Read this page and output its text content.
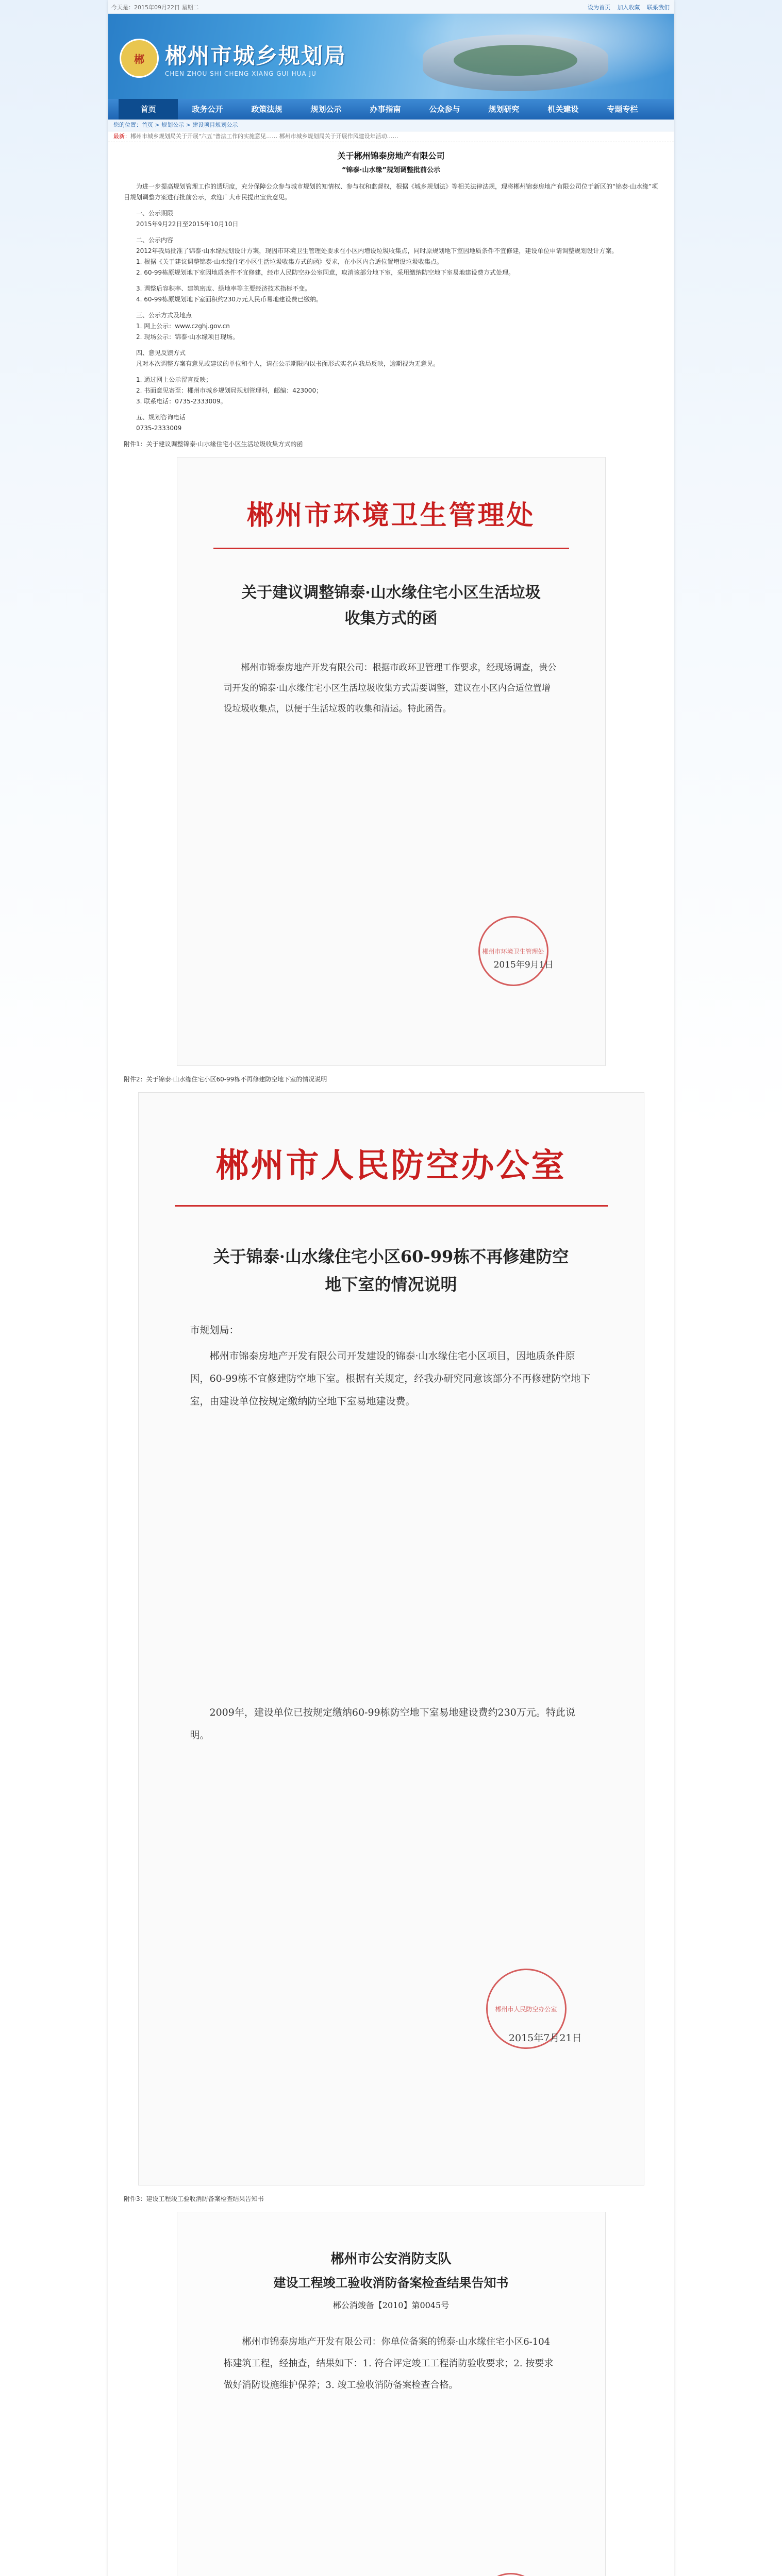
今天是：2015年09月22日 星期二	设为首页 加入收藏 联系我们
郴 郴州市城乡规划局
CHEN ZHOU SHI CHENG XIANG GUI HUA JU
首页	政务公开	政策法规	规划公示	办事指南	公众参与	规划研究	机关建设	专题专栏
您的位置：首页 > 规划公示 > 建设项目规划公示
最新：郴州市城乡规划局关于开展"六五"普法工作的实施意见…… 郴州市城乡规划局关于开展作风建设年活动……
关于郴州锦泰房地产有限公司
“锦泰·山水缘”规划调整批前公示

为进一步提高规划管理工作的透明度，充分保障公众参与城市规划的知情权、参与权和监督权，根据《城乡规划法》等相关法律法规，现将郴州锦泰房地产有限公司位于新区的“锦泰·山水缘”项目规划调整方案进行批前公示，欢迎广大市民提出宝贵意见。

一、公示期限

2015年9月22日至2015年10月10日

二、公示内容

2012年我局批准了锦泰·山水缘规划设计方案，现因市环境卫生管理处要求在小区内增设垃圾收集点，同时原规划地下室因地质条件不宜修建，建设单位申请调整规划设计方案。

1. 根据《关于建议调整锦泰·山水缘住宅小区生活垃圾收集方式的函》要求，在小区内合适位置增设垃圾收集点。

2. 60-99栋原规划地下室因地质条件不宜修建，经市人民防空办公室同意，取消该部分地下室，采用缴纳防空地下室易地建设费方式处理。

3. 调整后容积率、建筑密度、绿地率等主要经济技术指标不变。

4. 60-99栋原规划地下室面积约230万元人民币易地建设费已缴纳。

三、公示方式及地点

1. 网上公示：www.czghj.gov.cn

2. 现场公示：锦泰·山水缘项目现场。

四、意见反馈方式

凡对本次调整方案有意见或建议的单位和个人，请在公示期限内以书面形式实名向我局反映，逾期视为无意见。

1. 通过网上公示留言反映；

2. 书面意见寄至：郴州市城乡规划局规划管理科，邮编：423000；

3. 联系电话：0735-2333009。

五、规划咨询电话

0735-2333009

附件1：关于建议调整锦泰·山水缘住宅小区生活垃圾收集方式的函

郴州市环境卫生管理处
关于建议调整锦泰·山水缘住宅小区生活垃圾收集方式的函
郴州市锦泰房地产开发有限公司：根据市政环卫管理工作要求，经现场调查，贵公司开发的锦泰·山水缘住宅小区生活垃圾收集方式需要调整，建议在小区内合适位置增设垃圾收集点，以便于生活垃圾的收集和清运。特此函告。
2015年9月1日
郴州市环境卫生管理处

附件2：关于锦泰·山水缘住宅小区60-99栋不再修建防空地下室的情况说明

郴州市人民防空办公室
关于锦泰·山水缘住宅小区60-99栋不再修建防空地下室的情况说明
市规划局：
郴州市锦泰房地产开发有限公司开发建设的锦泰·山水缘住宅小区项目，因地质条件原因，60-99栋不宜修建防空地下室。根据有关规定，经我办研究同意该部分不再修建防空地下室，由建设单位按规定缴纳防空地下室易地建设费。
2009年，建设单位已按规定缴纳60-99栋防空地下室易地建设费约230万元。特此说明。
郴州市人民防空办公室
2015年7月21日

附件3：建设工程竣工验收消防备案检查结果告知书

郴州市公安消防支队
建设工程竣工验收消防备案检查结果告知书
郴公消竣备【2010】第0045号
郴州市锦泰房地产开发有限公司：你单位备案的锦泰·山水缘住宅小区6-104栋建筑工程，经抽查，结果如下：1. 符合评定竣工工程消防验收要求；2. 按要求做好消防设施维护保养；3. 竣工验收消防备案检查合格。
